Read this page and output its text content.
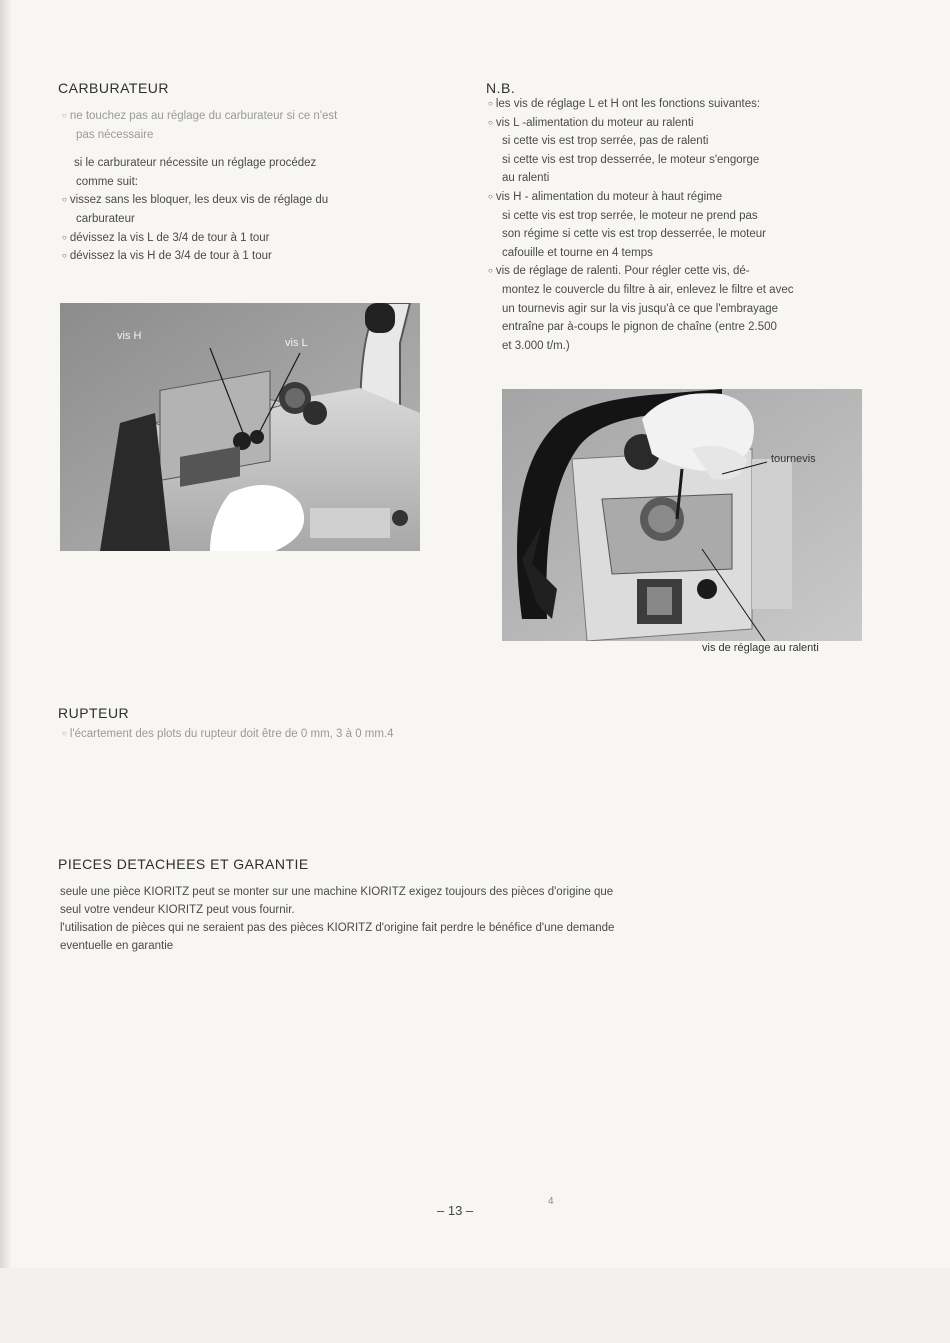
CARBURATEUR
○ ne touchez pas au réglage du carburateur si ce n'est
pas nécessaire
si le carburateur nécessite un réglage procédez
comme suit:
○ vissez sans les bloquer, les deux vis de réglage du
carburateur
○ dévissez la vis L de 3/4 de tour à 1 tour
○ dévissez la vis H de 3/4 de tour à 1 tour
vis H
vis L
N.B.
○ les vis de réglage L et H ont les fonctions suivantes:
○ vis L -alimentation du moteur au ralenti
si cette vis est trop serrée, pas de ralenti
si cette vis est trop desserrée, le moteur s'engorge
au ralenti
○ vis H - alimentation du moteur à haut régime
si cette vis est trop serrée, le moteur ne prend pas
son régime si cette vis est trop desserrée, le moteur
cafouille et tourne en 4 temps
○ vis de réglage de ralenti. Pour régler cette vis, dé-
montez le couvercle du filtre à air, enlevez le filtre et avec
un tournevis agir sur la vis jusqu'à ce que l'embrayage
entraîne par à-coups le pignon de chaîne (entre 2.500
et 3.000 t/m.)
tournevis
vis de réglage au ralenti
RUPTEUR

○ l'écartement des plots du rupteur doit être de 0 mm, 3 à 0 mm.4

PIECES DETACHEES ET GARANTIE

seule une pièce KIORITZ peut se monter sur une machine KIORITZ exigez toujours des pièces d'origine que

seul votre vendeur KIORITZ peut vous fournir.

l'utilisation de pièces qui ne seraient pas des pièces KIORITZ d'origine fait perdre le bénéfice d'une demande

eventuelle en garantie

– 13 –
4
